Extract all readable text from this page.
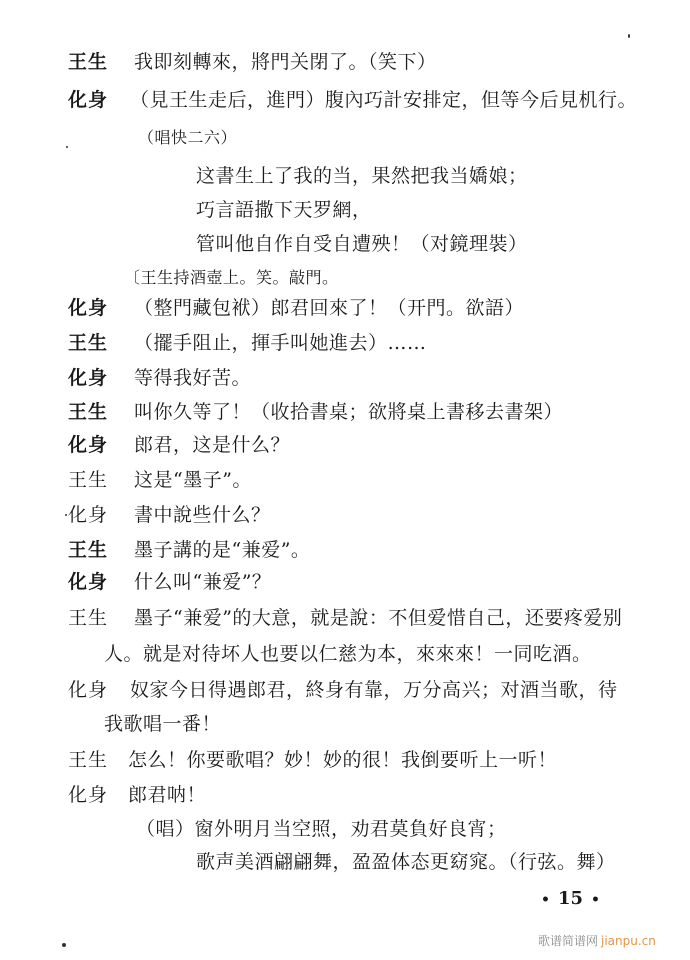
王生 我即刻轉來，將門关閉了。（笑下）
化身 （見王生走后，進門）腹內巧計安排定，但等今后見机行。
（唱快二六）
这書生上了我的当，果然把我当嬌娘；
巧言語撒下天罗網，
管叫他自作自受自遭殃！（对鏡理裝）
〔王生持酒壺上。笑。敲門。
化身 （整門藏包袱）郎君回來了！（开門。欲語）
王生 （擺手阻止，揮手叫她進去）……
化身 等得我好苦。
王生 叫你久等了！（收拾書桌；欲將桌上書移去書架）
化身 郎君，这是什么？
王生 这是“墨子”。
化身 書中說些什么？
王生 墨子講的是“兼爱”。
化身 什么叫“兼爱”？
王生 墨子“兼爱”的大意，就是說：不但爱惜自己，还要疼爱别
人。就是对待坏人也要以仁慈为本，來來來！一同吃酒。
化身 奴家今日得遇郎君，終身有靠，万分高兴；对酒当歌，待
我歌唱一番！
王生 怎么！你要歌唱？妙！妙的很！我倒要听上一听！
化身 郎君呐！
（唱）窗外明月当空照，劝君莫負好良宵；
歌声美酒翩翩舞，盈盈体态更窈窕。（行弦。舞）
• 15 •
歌谱简谱网 jianpu.cn
